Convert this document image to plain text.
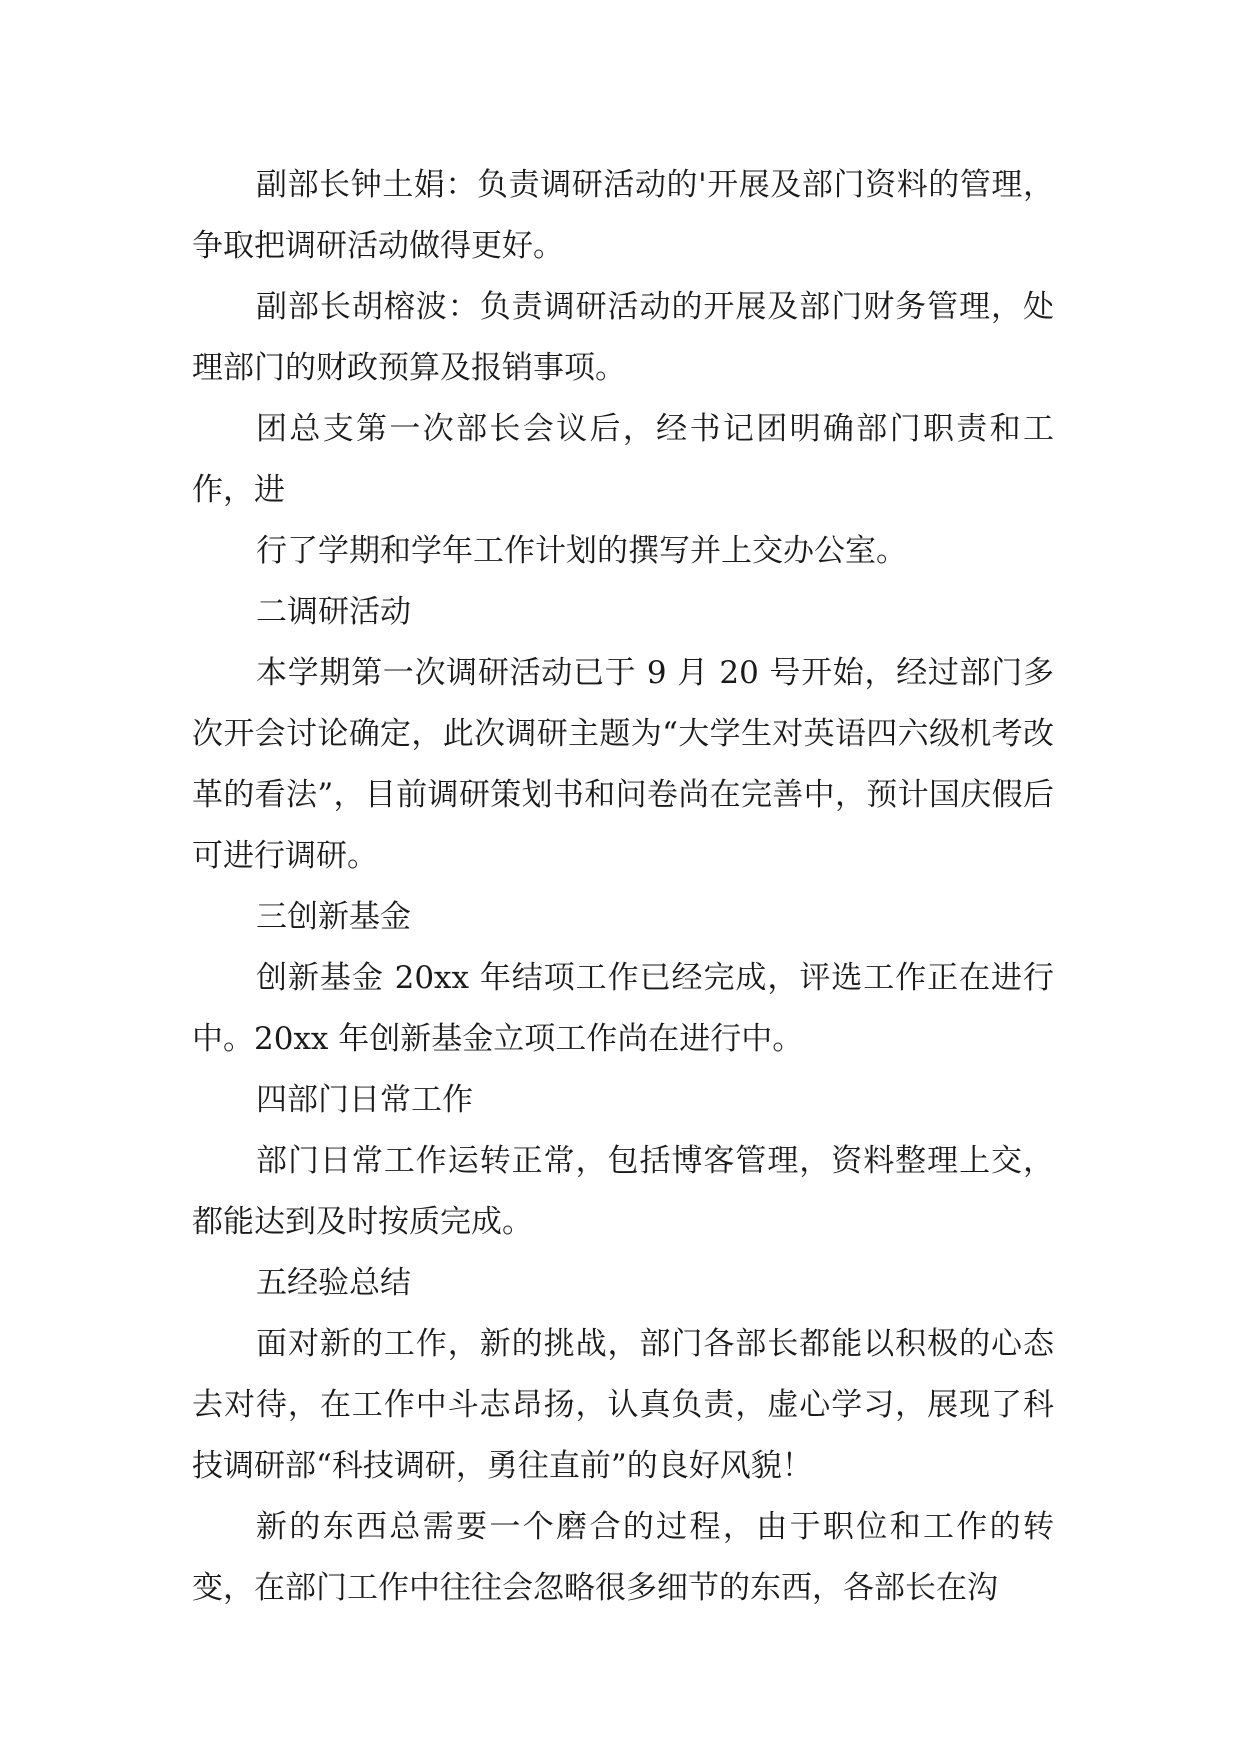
副部长钟土娟：负责调研活动的'开展及部门资料的管理，争取把调研活动做得更好。

副部长胡榕波：负责调研活动的开展及部门财务管理，处理部门的财政预算及报销事项。

团总支第一次部长会议后，经书记团明确部门职责和工作，进

行了学期和学年工作计划的撰写并上交办公室。

二调研活动

本学期第一次调研活动已于 9 月 20 号开始，经过部门多次开会讨论确定，此次调研主题为“大学生对英语四六级机考改革的看法”，目前调研策划书和问卷尚在完善中，预计国庆假后可进行调研。

三创新基金

创新基金 20xx 年结项工作已经完成，评选工作正在进行中。20xx 年创新基金立项工作尚在进行中。

四部门日常工作

部门日常工作运转正常，包括博客管理，资料整理上交，都能达到及时按质完成。

五经验总结

面对新的工作，新的挑战，部门各部长都能以积极的心态去对待，在工作中斗志昂扬，认真负责，虚心学习，展现了科技调研部“科技调研，勇往直前”的良好风貌！

新的东西总需要一个磨合的过程，由于职位和工作的转变，在部门工作中往往会忽略很多细节的东西，各部长在沟
